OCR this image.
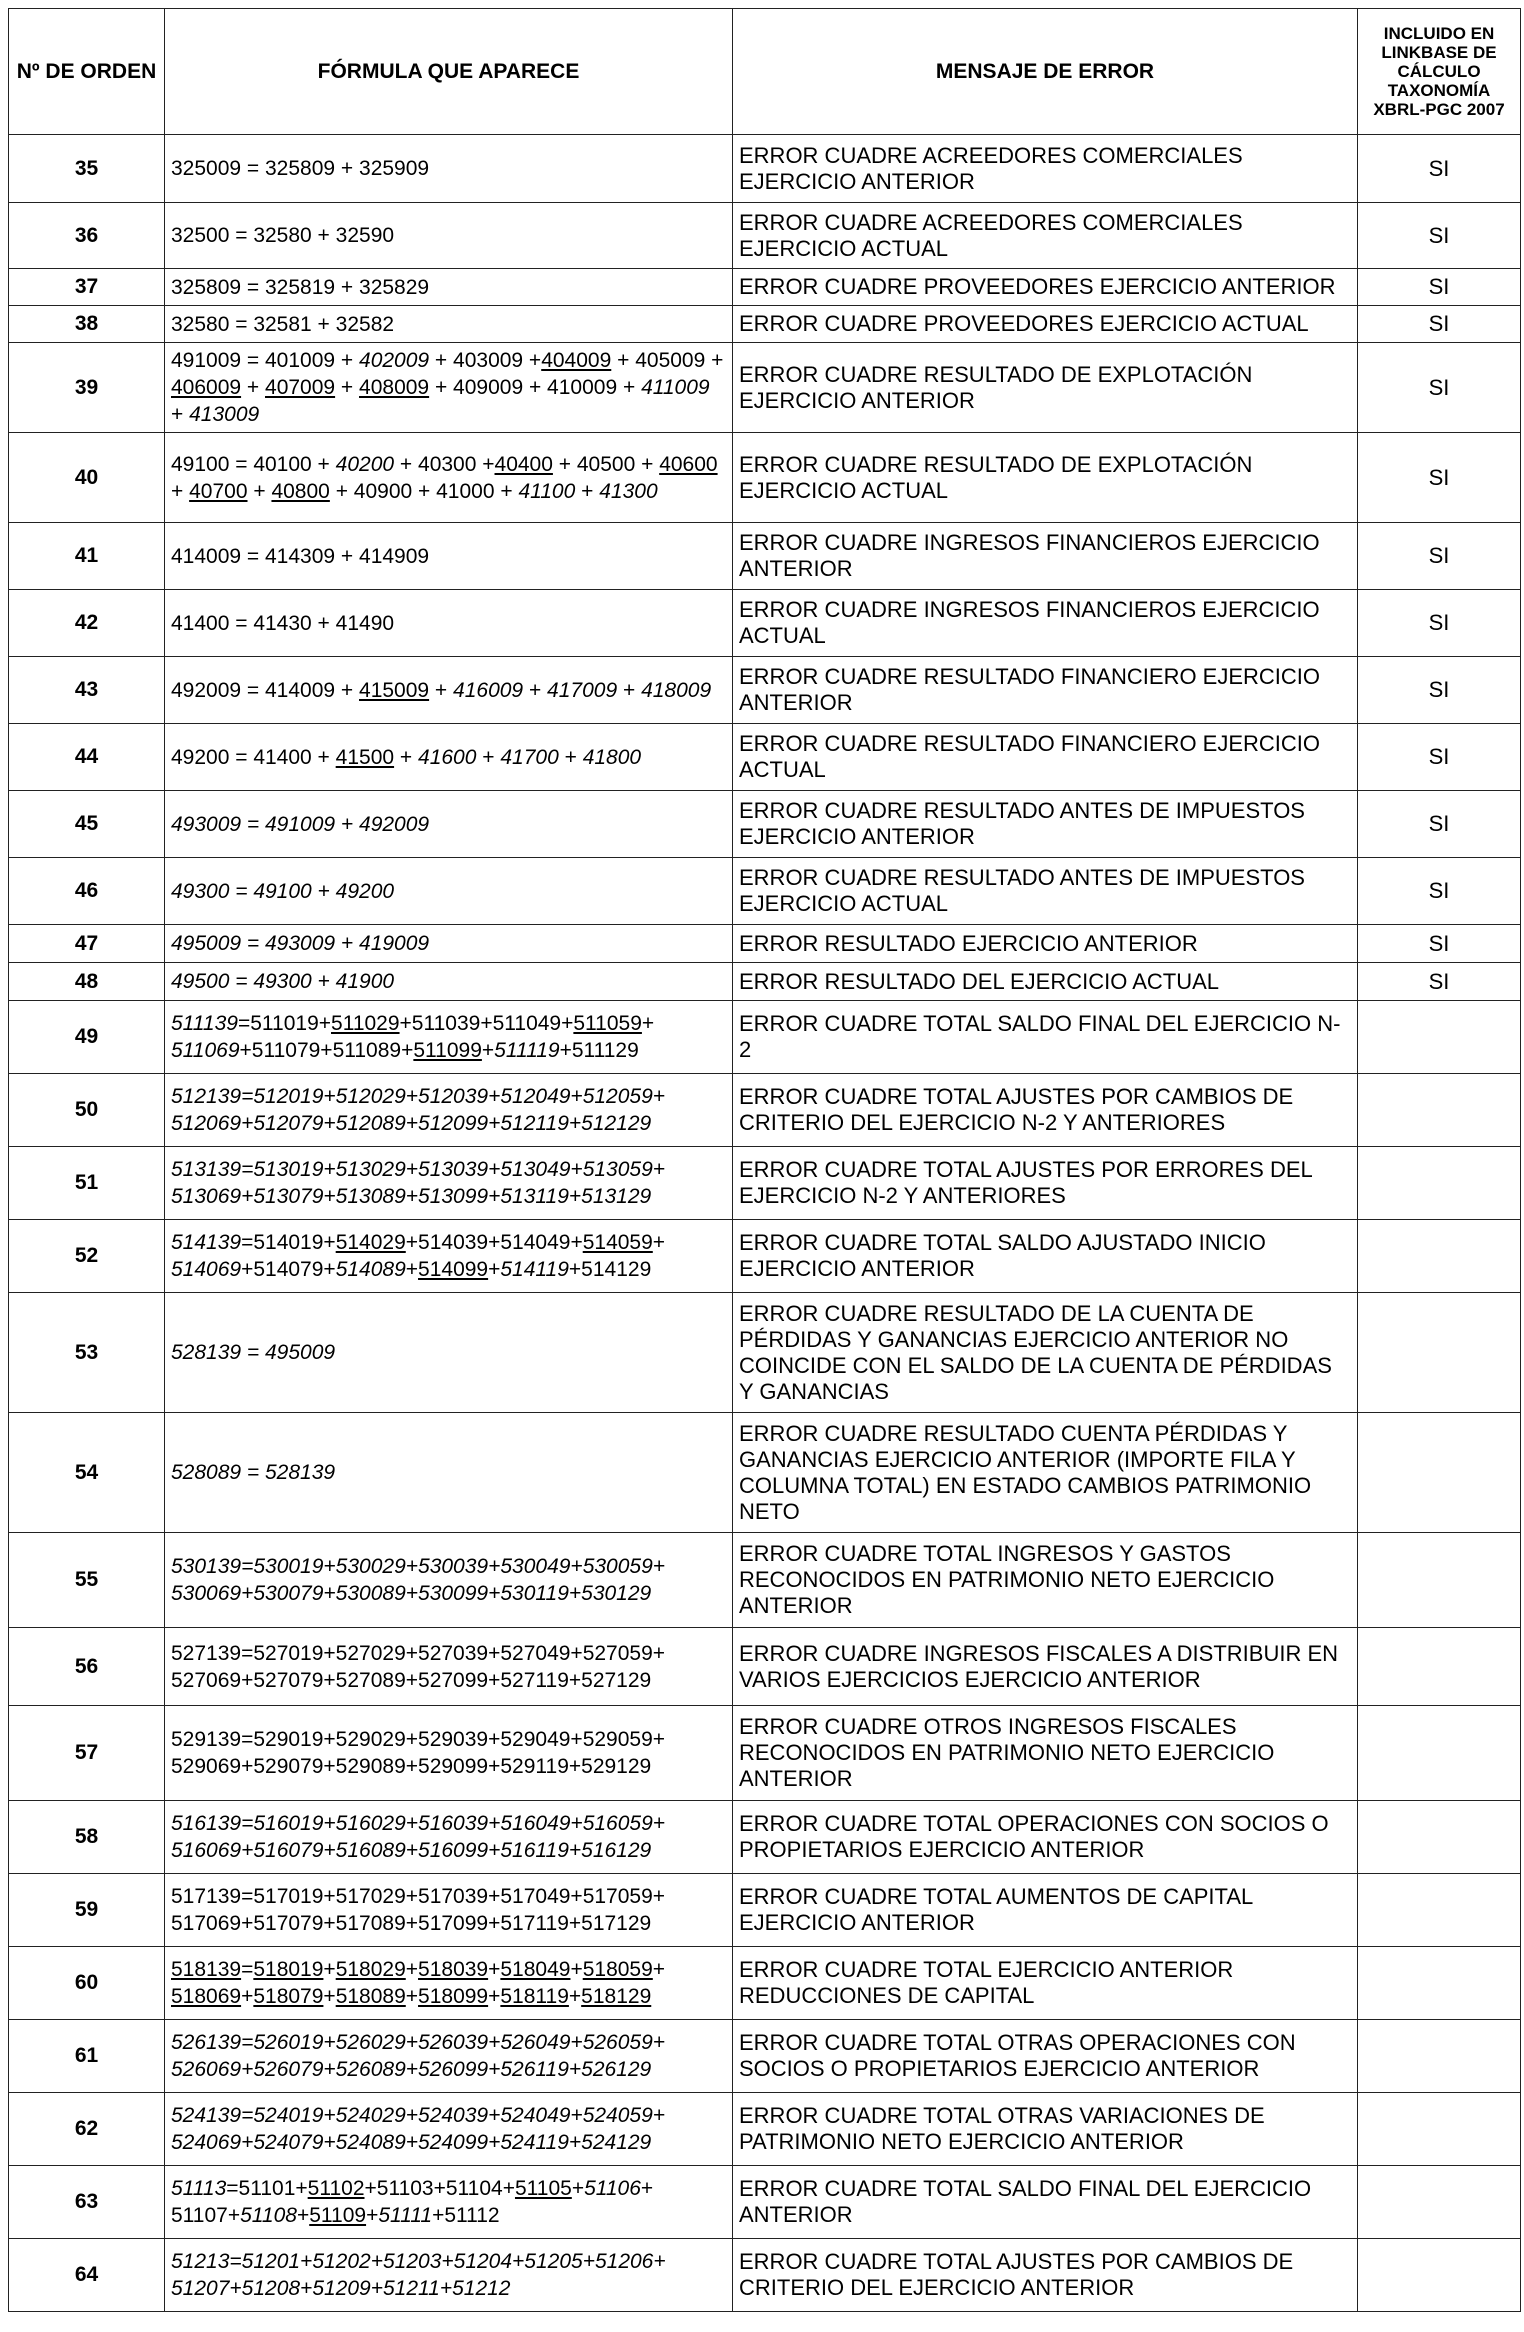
Nº DE ORDEN	FÓRMULA QUE APARECE	MENSAJE DE ERROR	INCLUIDO EN LINKBASE DE CÁLCULO TAXONOMÍA XBRL-PGC 2007
35	325009 = 325809 + 325909	ERROR CUADRE ACREEDORES COMERCIALES EJERCICIO ANTERIOR	SI
36	32500 = 32580 + 32590	ERROR CUADRE ACREEDORES COMERCIALES EJERCICIO ACTUAL	SI
37	325809 = 325819 + 325829	ERROR CUADRE PROVEEDORES EJERCICIO ANTERIOR	SI
38	32580 = 32581 + 32582	ERROR CUADRE PROVEEDORES EJERCICIO ACTUAL	SI
39	491009 = 401009 + 402009 + 403009 +404009 + 405009 + 406009 + 407009 + 408009 + 409009 + 410009 + 411009 + 413009	ERROR CUADRE RESULTADO DE EXPLOTACIÓN EJERCICIO ANTERIOR	SI
40	49100 = 40100 + 40200 + 40300 +40400 + 40500 + 40600 + 40700 + 40800 + 40900 + 41000 + 41100 + 41300	ERROR CUADRE RESULTADO DE EXPLOTACIÓN EJERCICIO ACTUAL	SI
41	414009 = 414309 + 414909	ERROR CUADRE INGRESOS FINANCIEROS EJERCICIO ANTERIOR	SI
42	41400 = 41430 + 41490	ERROR CUADRE INGRESOS FINANCIEROS EJERCICIO ACTUAL	SI
43	492009 = 414009 + 415009 + 416009 + 417009 + 418009	ERROR CUADRE RESULTADO FINANCIERO EJERCICIO ANTERIOR	SI
44	49200 = 41400 + 41500 + 41600 + 41700 + 41800	ERROR CUADRE RESULTADO FINANCIERO EJERCICIO ACTUAL	SI
45	493009 = 491009 + 492009	ERROR CUADRE RESULTADO ANTES DE IMPUESTOS EJERCICIO ANTERIOR	SI
46	49300 = 49100 + 49200	ERROR CUADRE RESULTADO ANTES DE IMPUESTOS EJERCICIO ACTUAL	SI
47	495009 = 493009 + 419009	ERROR RESULTADO EJERCICIO ANTERIOR	SI
48	49500 = 49300 + 41900	ERROR RESULTADO DEL EJERCICIO ACTUAL	SI
49	511139=511019+511029+511039+511049+511059+ 511069+511079+511089+511099+511119+511129	ERROR CUADRE TOTAL SALDO FINAL DEL EJERCICIO N-2	
50	512139=512019+512029+512039+512049+512059+ 512069+512079+512089+512099+512119+512129	ERROR CUADRE TOTAL AJUSTES POR CAMBIOS DE CRITERIO DEL EJERCICIO N-2 Y ANTERIORES	
51	513139=513019+513029+513039+513049+513059+ 513069+513079+513089+513099+513119+513129	ERROR CUADRE TOTAL AJUSTES POR ERRORES DEL EJERCICIO N-2 Y ANTERIORES	
52	514139=514019+514029+514039+514049+514059+ 514069+514079+514089+514099+514119+514129	ERROR CUADRE TOTAL SALDO AJUSTADO INICIO EJERCICIO ANTERIOR	
53	528139 = 495009	ERROR CUADRE RESULTADO DE LA CUENTA DE PÉRDIDAS Y GANANCIAS EJERCICIO ANTERIOR NO COINCIDE CON EL SALDO DE LA CUENTA DE PÉRDIDAS Y GANANCIAS	
54	528089 = 528139	ERROR CUADRE RESULTADO CUENTA PÉRDIDAS Y GANANCIAS EJERCICIO ANTERIOR (IMPORTE FILA Y COLUMNA TOTAL) EN ESTADO CAMBIOS PATRIMONIO NETO	
55	530139=530019+530029+530039+530049+530059+ 530069+530079+530089+530099+530119+530129	ERROR CUADRE TOTAL INGRESOS Y GASTOS RECONOCIDOS EN PATRIMONIO NETO EJERCICIO ANTERIOR	
56	527139=527019+527029+527039+527049+527059+ 527069+527079+527089+527099+527119+527129	ERROR CUADRE INGRESOS FISCALES A DISTRIBUIR EN VARIOS EJERCICIOS EJERCICIO ANTERIOR	
57	529139=529019+529029+529039+529049+529059+ 529069+529079+529089+529099+529119+529129	ERROR CUADRE OTROS INGRESOS FISCALES RECONOCIDOS EN PATRIMONIO NETO EJERCICIO ANTERIOR	
58	516139=516019+516029+516039+516049+516059+ 516069+516079+516089+516099+516119+516129	ERROR CUADRE TOTAL OPERACIONES CON SOCIOS O PROPIETARIOS EJERCICIO ANTERIOR	
59	517139=517019+517029+517039+517049+517059+ 517069+517079+517089+517099+517119+517129	ERROR CUADRE TOTAL AUMENTOS DE CAPITAL EJERCICIO ANTERIOR	
60	518139=518019+518029+518039+518049+518059+ 518069+518079+518089+518099+518119+518129	ERROR CUADRE TOTAL EJERCICIO ANTERIOR REDUCCIONES DE CAPITAL	
61	526139=526019+526029+526039+526049+526059+ 526069+526079+526089+526099+526119+526129	ERROR CUADRE TOTAL OTRAS OPERACIONES CON SOCIOS O PROPIETARIOS EJERCICIO ANTERIOR	
62	524139=524019+524029+524039+524049+524059+ 524069+524079+524089+524099+524119+524129	ERROR CUADRE TOTAL OTRAS VARIACIONES DE PATRIMONIO NETO EJERCICIO ANTERIOR	
63	51113=51101+51102+51103+51104+51105+51106+ 51107+51108+51109+51111+51112	ERROR CUADRE TOTAL SALDO FINAL DEL EJERCICIO ANTERIOR	
64	51213=51201+51202+51203+51204+51205+51206+ 51207+51208+51209+51211+51212	ERROR CUADRE TOTAL AJUSTES POR CAMBIOS DE CRITERIO DEL EJERCICIO ANTERIOR	
